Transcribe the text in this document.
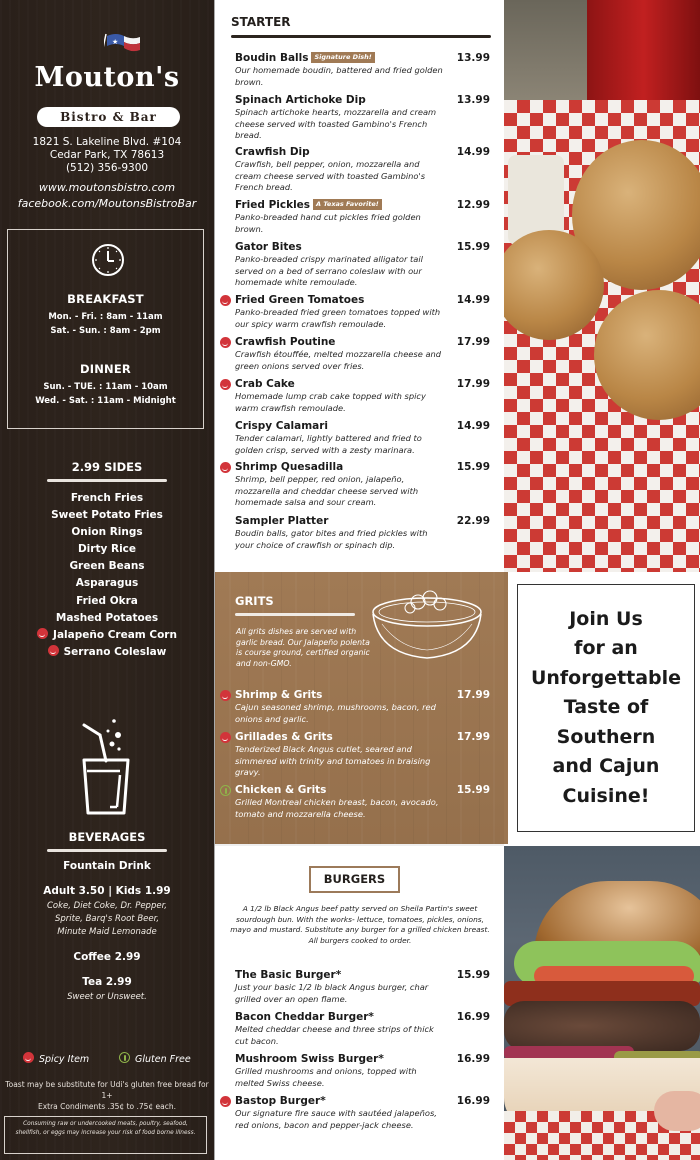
★
Mouton's
Bistro & Bar
1821 S. Lakeline Blvd. #104
Cedar Park, TX 78613
(512) 356-9300
www.moutonsbistro.com
facebook.com/MoutonsBistroBar
BREAKFAST
Mon. - Fri. : 8am - 11am
Sat. - Sun. : 8am - 2pm
DINNER
Sun. - TUE. : 11am - 10am
Wed. - Sat. : 11am - Midnight
2.99 SIDES
French Fries
Sweet Potato Fries
Onion Rings
Dirty Rice
Green Beans
Asparagus
Fried Okra
Mashed Potatoes
Jalapeño Cream Corn
Serrano Coleslaw
BEVERAGES
Fountain Drink
Adult 3.50 | Kids 1.99
Coke, Diet Coke, Dr. Pepper,
Sprite, Barq's Root Beer,
Minute Maid Lemonade
Coffee 2.99
Tea 2.99
Sweet or Unsweet.
Spicy Item	Gluten Free
Toast may be substitute for Udi's gluten free bread for 1+
Extra Condiments .35¢ to .75¢ each.
Consuming raw or undercooked meats, poultry, seafood, shellfish, or eggs may increase your risk of food borne illness.
STARTER
Boudin Balls Signature Dish!	13.99
Our homemade boudin, battered and fried golden brown.
Spinach Artichoke Dip	13.99
Spinach artichoke hearts, mozzarella and cream cheese served with toasted Gambino's French bread.
Crawfish Dip	14.99
Crawfish, bell pepper, onion, mozzarella and cream cheese served with toasted Gambino's French bread.
Fried Pickles A Texas Favorite!	12.99
Panko-breaded hand cut pickles fried golden brown.
Gator Bites	15.99
Panko-breaded crispy marinated alligator tail served on a bed of serrano coleslaw with our homemade white remoulade.
Fried Green Tomatoes	14.99
Panko-breaded fried green tomatoes topped with our spicy warm crawfish remoulade.
Crawfish Poutine	17.99
Crawfish étouffée, melted mozzarella cheese and green onions served over fries.
Crab Cake	17.99
Homemade lump crab cake topped with spicy warm crawfish remoulade.
Crispy Calamari	14.99
Tender calamari, lightly battered and fried to golden crisp, served with a zesty marinara.
Shrimp Quesadilla	15.99
Shrimp, bell pepper, red onion, jalapeño, mozzarella and cheddar cheese served with homemade salsa and sour cream.
Sampler Platter	22.99
Boudin balls, gator bites and fried pickles with your choice of crawfish or spinach dip.
GRITS
All grits dishes are served with garlic bread. Our Jalapeño polenta is course ground, certified organic and non-GMO.
Shrimp & Grits	17.99
Cajun seasoned shrimp, mushrooms, bacon, red onions and garlic.
Grillades & Grits	17.99
Tenderized Black Angus cutlet, seared and simmered with trinity and tomatoes in braising gravy.
Chicken & Grits	15.99
Grilled Montreal chicken breast, bacon, avocado, tomato and mozzarella cheese.
BURGERS
A 1/2 lb Black Angus beef patty served on Sheila Partin's sweet sourdough bun. With the works- lettuce, tomatoes, pickles, onions, mayo and mustard. Substitute any burger for a grilled chicken breast. All burgers cooked to order.
The Basic Burger*	15.99
Just your basic 1/2 lb black Angus burger, char grilled over an open flame.
Bacon Cheddar Burger*	16.99
Melted cheddar cheese and three strips of thick cut bacon.
Mushroom Swiss Burger*	16.99
Grilled mushrooms and onions, topped with melted Swiss cheese.
Bastop Burger*	16.99
Our signature fire sauce with sautéed jalapeños, red onions, bacon and pepper-jack cheese.
Join Us
for an
Unforgettable
Taste of
Southern
and Cajun
Cuisine!
